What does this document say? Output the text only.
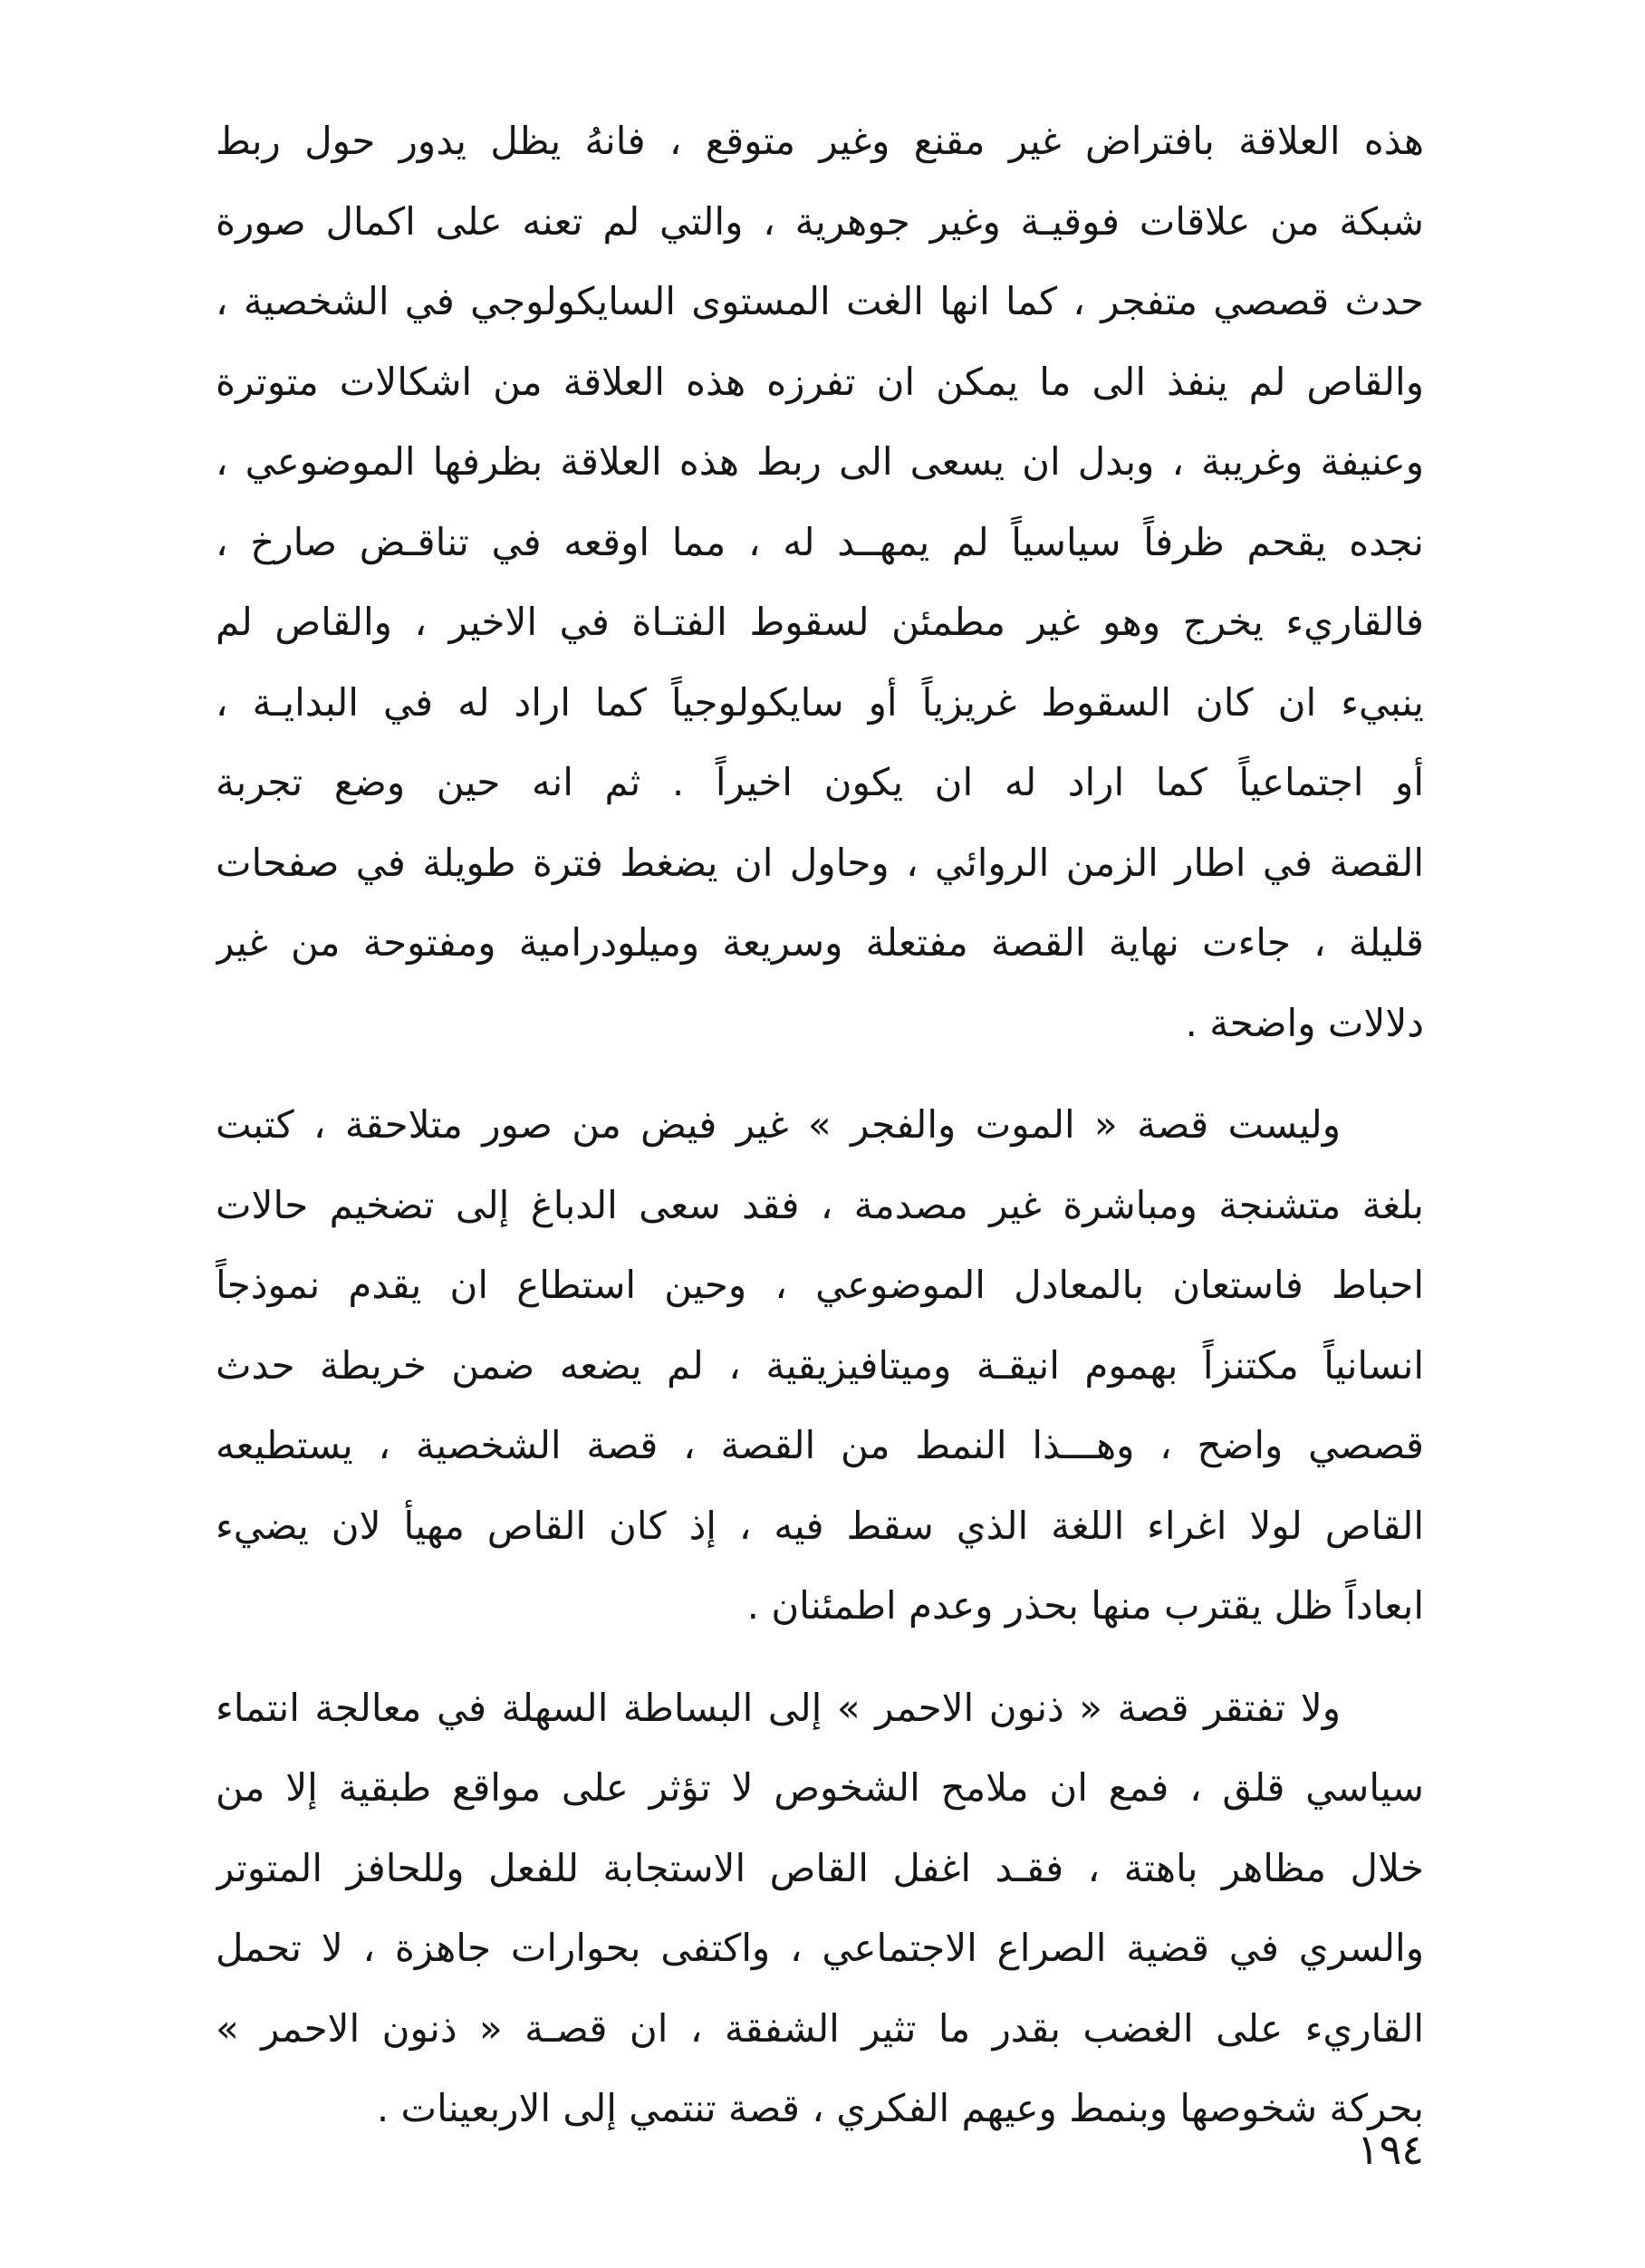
هذه العلاقة بافتراض غير مقنع وغير متوقع ، فانهُ يظل يدور حول ربط
شبكة من علاقات فوقيـة وغير جوهرية ، والتي لم تعنه على اكمال صورة
حدث قصصي متفجر ، كما انها الغت المستوى السايكولوجي في الشخصية ،
والقاص لم ينفذ الى ما يمكن ان تفرزه هذه العلاقة من اشكالات متوترة
وعنيفة وغريبة ، وبدل ان يسعى الى ربط هذه العلاقة بظرفها الموضوعي ،
نجده يقحم ظرفاً سياسياً لم يمهــد له ، مما اوقعه في تناقـض صارخ ،
فالقاريء يخرج وهو غير مطمئن لسقوط الفتـاة في الاخير ، والقاص لم
ينبيء ان كان السقوط غريزياً أو سايكولوجياً كما اراد له في البدايـة ،
أو اجتماعياً كما اراد له ان يكون اخيراً . ثم انه حين وضع تجربة
القصة في اطار الزمن الروائي ، وحاول ان يضغط فترة طويلة في صفحات
قليلة ، جاءت نهاية القصة مفتعلة وسريعة وميلودرامية ومفتوحة من غير
دلالات واضحة .
وليست قصة « الموت والفجر » غير فيض من صور متلاحقة ، كتبت
بلغة متشنجة ومباشرة غير مصدمة ، فقد سعى الدباغ إلى تضخيم حالات
احباط فاستعان بالمعادل الموضوعي ، وحين استطاع ان يقدم نموذجاً
انسانياً مكتنزاً بهموم انيقـة وميتافيزيقية ، لم يضعه ضمن خريطة حدث
قصصي واضح ، وهـــذا النمط من القصة ، قصة الشخصية ، يستطيعه
القاص لولا اغراء اللغة الذي سقط فيه ، إذ كان القاص مهيأ لان يضيء
ابعاداً ظل يقترب منها بحذر وعدم اطمئنان .
ولا تفتقر قصة « ذنون الاحمر » إلى البساطة السهلة في معالجة انتماء
سياسي قلق ، فمع ان ملامح الشخوص لا تؤثر على مواقع طبقية إلا من
خلال مظاهر باهتة ، فقـد اغفل القاص الاستجابة للفعل وللحافز المتوتر
والسري في قضية الصراع الاجتماعي ، واكتفى بحوارات جاهزة ، لا تحمل
القاريء على الغضب بقدر ما تثير الشفقة ، ان قصـة « ذنون الاحمر »
بحركة شخوصها وبنمط وعيهم الفكري ، قصة تنتمي إلى الاربعينات .
١٩٤
